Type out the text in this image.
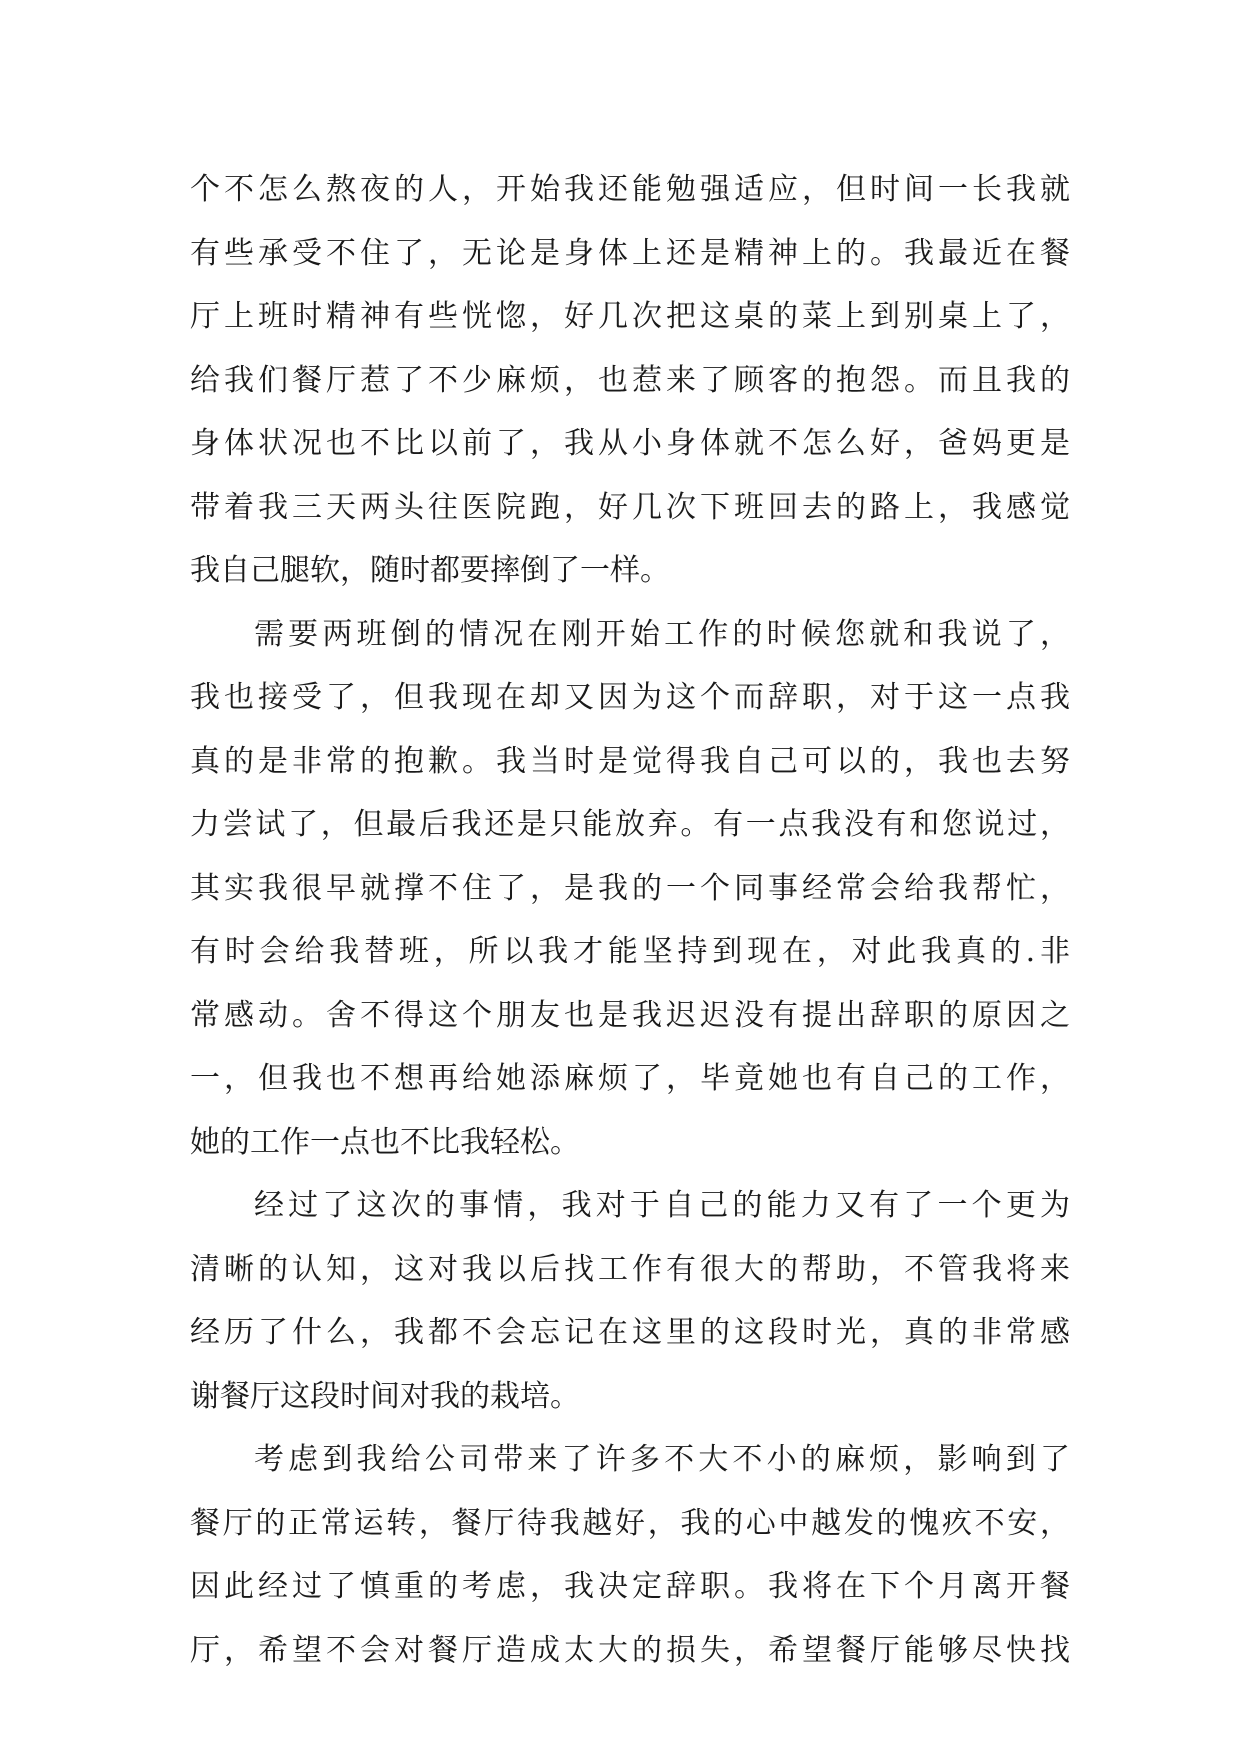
个不怎么熬夜的人，开始我还能勉强适应，但时间一长我就
有些承受不住了，无论是身体上还是精神上的。我最近在餐
厅上班时精神有些恍惚，好几次把这桌的菜上到别桌上了，
给我们餐厅惹了不少麻烦，也惹来了顾客的抱怨。而且我的
身体状况也不比以前了，我从小身体就不怎么好，爸妈更是
带着我三天两头往医院跑，好几次下班回去的路上，我感觉
我自己腿软，随时都要摔倒了一样。
需要两班倒的情况在刚开始工作的时候您就和我说了，
我也接受了，但我现在却又因为这个而辞职，对于这一点我
真的是非常的抱歉。我当时是觉得我自己可以的，我也去努
力尝试了，但最后我还是只能放弃。有一点我没有和您说过，
其实我很早就撑不住了，是我的一个同事经常会给我帮忙，
有时会给我替班，所以我才能坚持到现在，对此我真的.非
常感动。舍不得这个朋友也是我迟迟没有提出辞职的原因之
一，但我也不想再给她添麻烦了，毕竟她也有自己的工作，
她的工作一点也不比我轻松。
经过了这次的事情，我对于自己的能力又有了一个更为
清晰的认知，这对我以后找工作有很大的帮助，不管我将来
经历了什么，我都不会忘记在这里的这段时光，真的非常感
谢餐厅这段时间对我的栽培。
考虑到我给公司带来了许多不大不小的麻烦，影响到了
餐厅的正常运转，餐厅待我越好，我的心中越发的愧疚不安，
因此经过了慎重的考虑，我决定辞职。我将在下个月离开餐
厅，希望不会对餐厅造成太大的损失，希望餐厅能够尽快找
